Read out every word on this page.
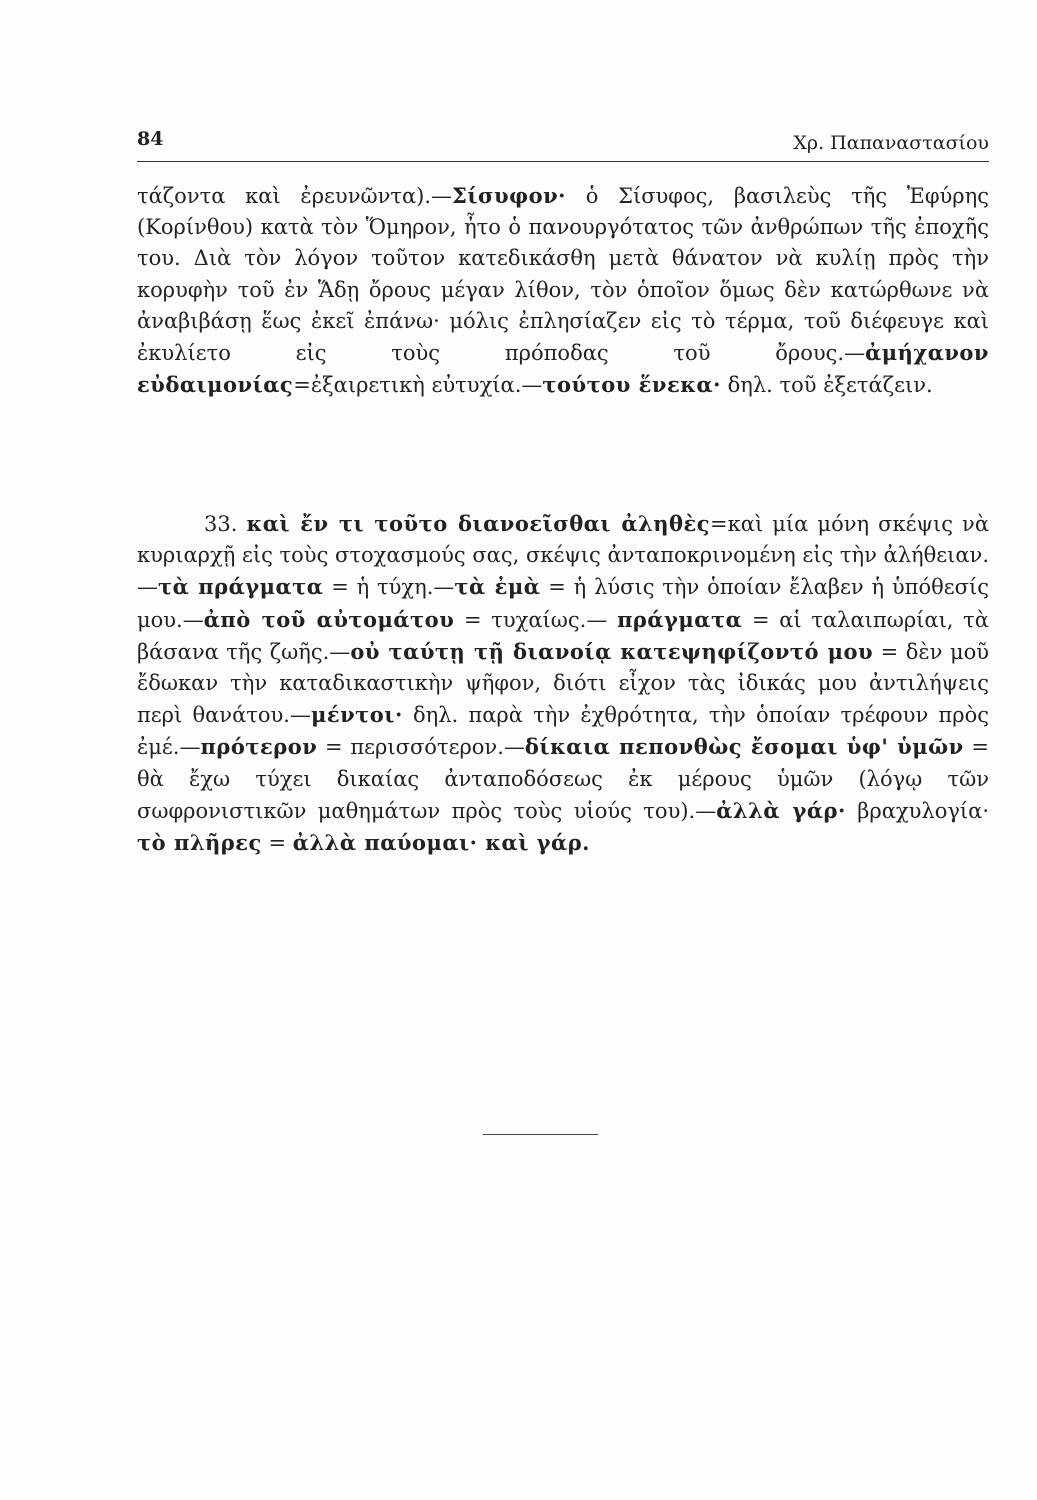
84	Χρ. Παπαναστασίου
τάζοντα καὶ ἐρευνῶντα).—Σίσυφον· ὁ Σίσυφος, βασιλεὺς τῆς Ἐφύρης (Κορίνθου) κατὰ τὸν Ὅμηρον, ἦτο ὁ πανουργότατος τῶν ἀνθρώπων τῆς ἐποχῆς του. Διὰ τὸν λόγον τοῦτον κατεδικάσθη μετὰ θάνατον νὰ κυλίῃ πρὸς τὴν κορυφὴν τοῦ ἐν Ἅδῃ ὄρους μέγαν λίθον, τὸν ὁποῖον ὅμως δὲν κατώρθωνε νὰ ἀναβιβάσῃ ἕως ἐκεῖ ἐπάνω· μόλις ἐπλησίαζεν εἰς τὸ τέρμα, τοῦ διέφευγε καὶ ἐκυλίετο εἰς τοὺς πρόποδας τοῦ ὄρους.—ἀμήχανον εὐδαιμονίας=ἐξαιρετικὴ εὐτυχία.—τούτου ἕνεκα· δηλ. τοῦ ἐξετάζειν.
33. καὶ ἔν τι τοῦτο διανοεῖσθαι ἀληθὲς=καὶ μία μόνη σκέψις νὰ κυριαρχῇ εἰς τοὺς στοχασμούς σας, σκέψις ἀνταποκρινομένη εἰς τὴν ἀλήθειαν.—τὰ πράγματα = ἡ τύχη.—τὰ ἐμὰ = ἡ λύσις τὴν ὁποίαν ἔλαβεν ἡ ὑπόθεσίς μου.—ἀπὸ τοῦ αὐτομάτου = τυχαίως.— πράγματα = αἱ ταλαιπωρίαι, τὰ βάσανα τῆς ζωῆς.—οὐ ταύτῃ τῇ διανοίᾳ κατεψηφίζοντό μου = δὲν μοῦ ἔδωκαν τὴν καταδικαστικὴν ψῆφον, διότι εἶχον τὰς ἰδικάς μου ἀντιλήψεις περὶ θανάτου.—μέντοι· δηλ. παρὰ τὴν ἐχθρότητα, τὴν ὁποίαν τρέφουν πρὸς ἐμέ.—πρότερον = περισσότερον.—δίκαια πεπονθὼς ἔσομαι ὑφ' ὑμῶν = θὰ ἔχω τύχει δικαίας ἀνταποδόσεως ἐκ μέρους ὑμῶν (λόγῳ τῶν σωφρονιστικῶν μαθημάτων πρὸς τοὺς υἱούς του).—ἀλλὰ γάρ· βραχυλογία· τὸ πλῆρες = ἀλλὰ παύομαι· καὶ γάρ.
